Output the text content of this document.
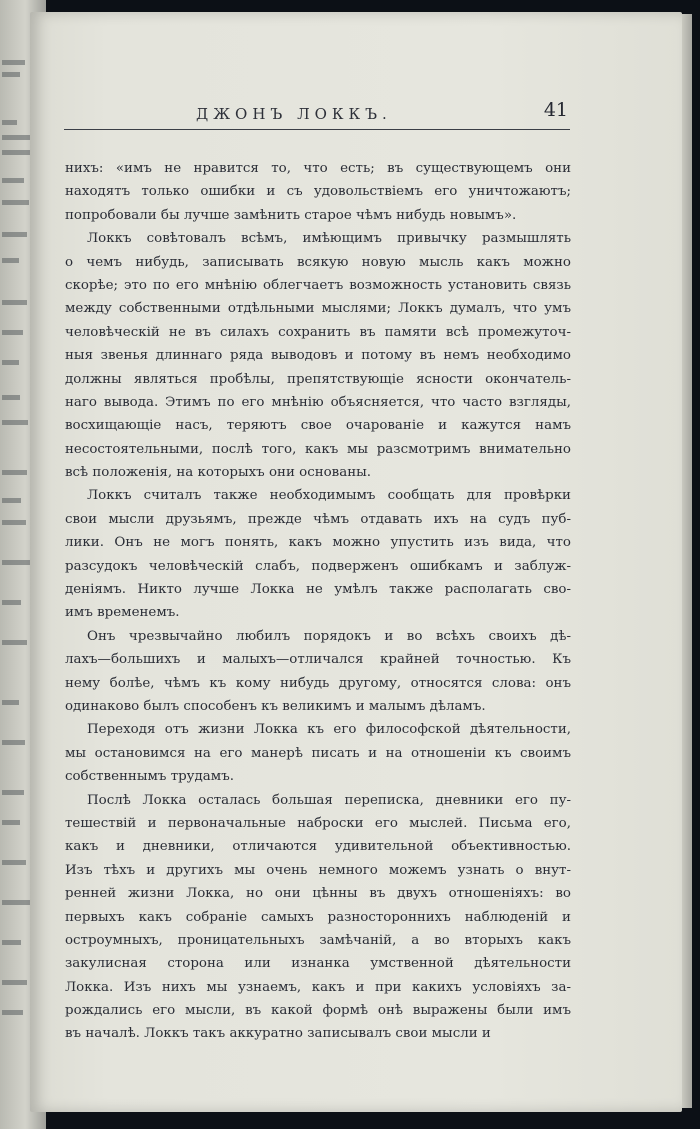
ДЖОНЪ ЛОККЪ.	41
нихъ: «имъ не нравится то, что есть; въ существующемъ они
находятъ только ошибки и съ удовольствіемъ его уничтожаютъ;
попробовали бы лучше замѣнить старое чѣмъ нибудь новымъ».
Локкъ совѣтовалъ всѣмъ, имѣющимъ привычку размышлять
о чемъ нибудь, записывать всякую новую мысль какъ можно
скорѣе; это по его мнѣнію облегчаетъ возможность установить связь
между собственными отдѣльными мыслями; Локкъ думалъ, что умъ
человѣческій не въ силахъ сохранить въ памяти всѣ промежуточ-
ныя звенья длиннаго ряда выводовъ и потому въ немъ необходимо
должны являться пробѣлы, препятствующіе ясности окончатель-
наго вывода. Этимъ по его мнѣнію объясняется, что часто взгляды,
восхищающіе насъ, теряютъ свое очарованіе и кажутся намъ
несостоятельными, послѣ того, какъ мы разсмотримъ внимательно
всѣ положенія, на которыхъ они основаны.
Локкъ считалъ также необходимымъ сообщать для провѣрки
свои мысли друзьямъ, прежде чѣмъ отдавать ихъ на судъ пуб-
лики. Онъ не могъ понять, какъ можно упустить изъ вида, что
разсудокъ человѣческій слабъ, подверженъ ошибкамъ и заблуж-
деніямъ. Никто лучше Локка не умѣлъ также располагать сво-
имъ временемъ.
Онъ чрезвычайно любилъ порядокъ и во всѣхъ своихъ дѣ-
лахъ—большихъ и малыхъ—отличался крайней точностью. Къ
нему болѣе, чѣмъ къ кому нибудь другому, относятся слова: онъ
одинаково былъ способенъ къ великимъ и малымъ дѣламъ.
Переходя отъ жизни Локка къ его философской дѣятельности,
мы остановимся на его манерѣ писать и на отношеніи къ своимъ
собственнымъ трудамъ.
Послѣ Локка осталась большая переписка, дневники его пу-
тешествій и первоначальные наброски его мыслей. Письма его,
какъ и дневники, отличаются удивительной объективностью.
Изъ тѣхъ и другихъ мы очень немного можемъ узнать о внут-
ренней жизни Локка, но они цѣнны въ двухъ отношеніяхъ: во
первыхъ какъ собраніе самыхъ разностороннихъ наблюденій и
остроумныхъ, проницательныхъ замѣчаній, а во вторыхъ какъ
закулисная сторона или изнанка умственной дѣятельности
Локка. Изъ нихъ мы узнаемъ, какъ и при какихъ условіяхъ за-
рождались его мысли, въ какой формѣ онѣ выражены были имъ
въ началѣ. Локкъ такъ аккуратно записывалъ свои мысли и
